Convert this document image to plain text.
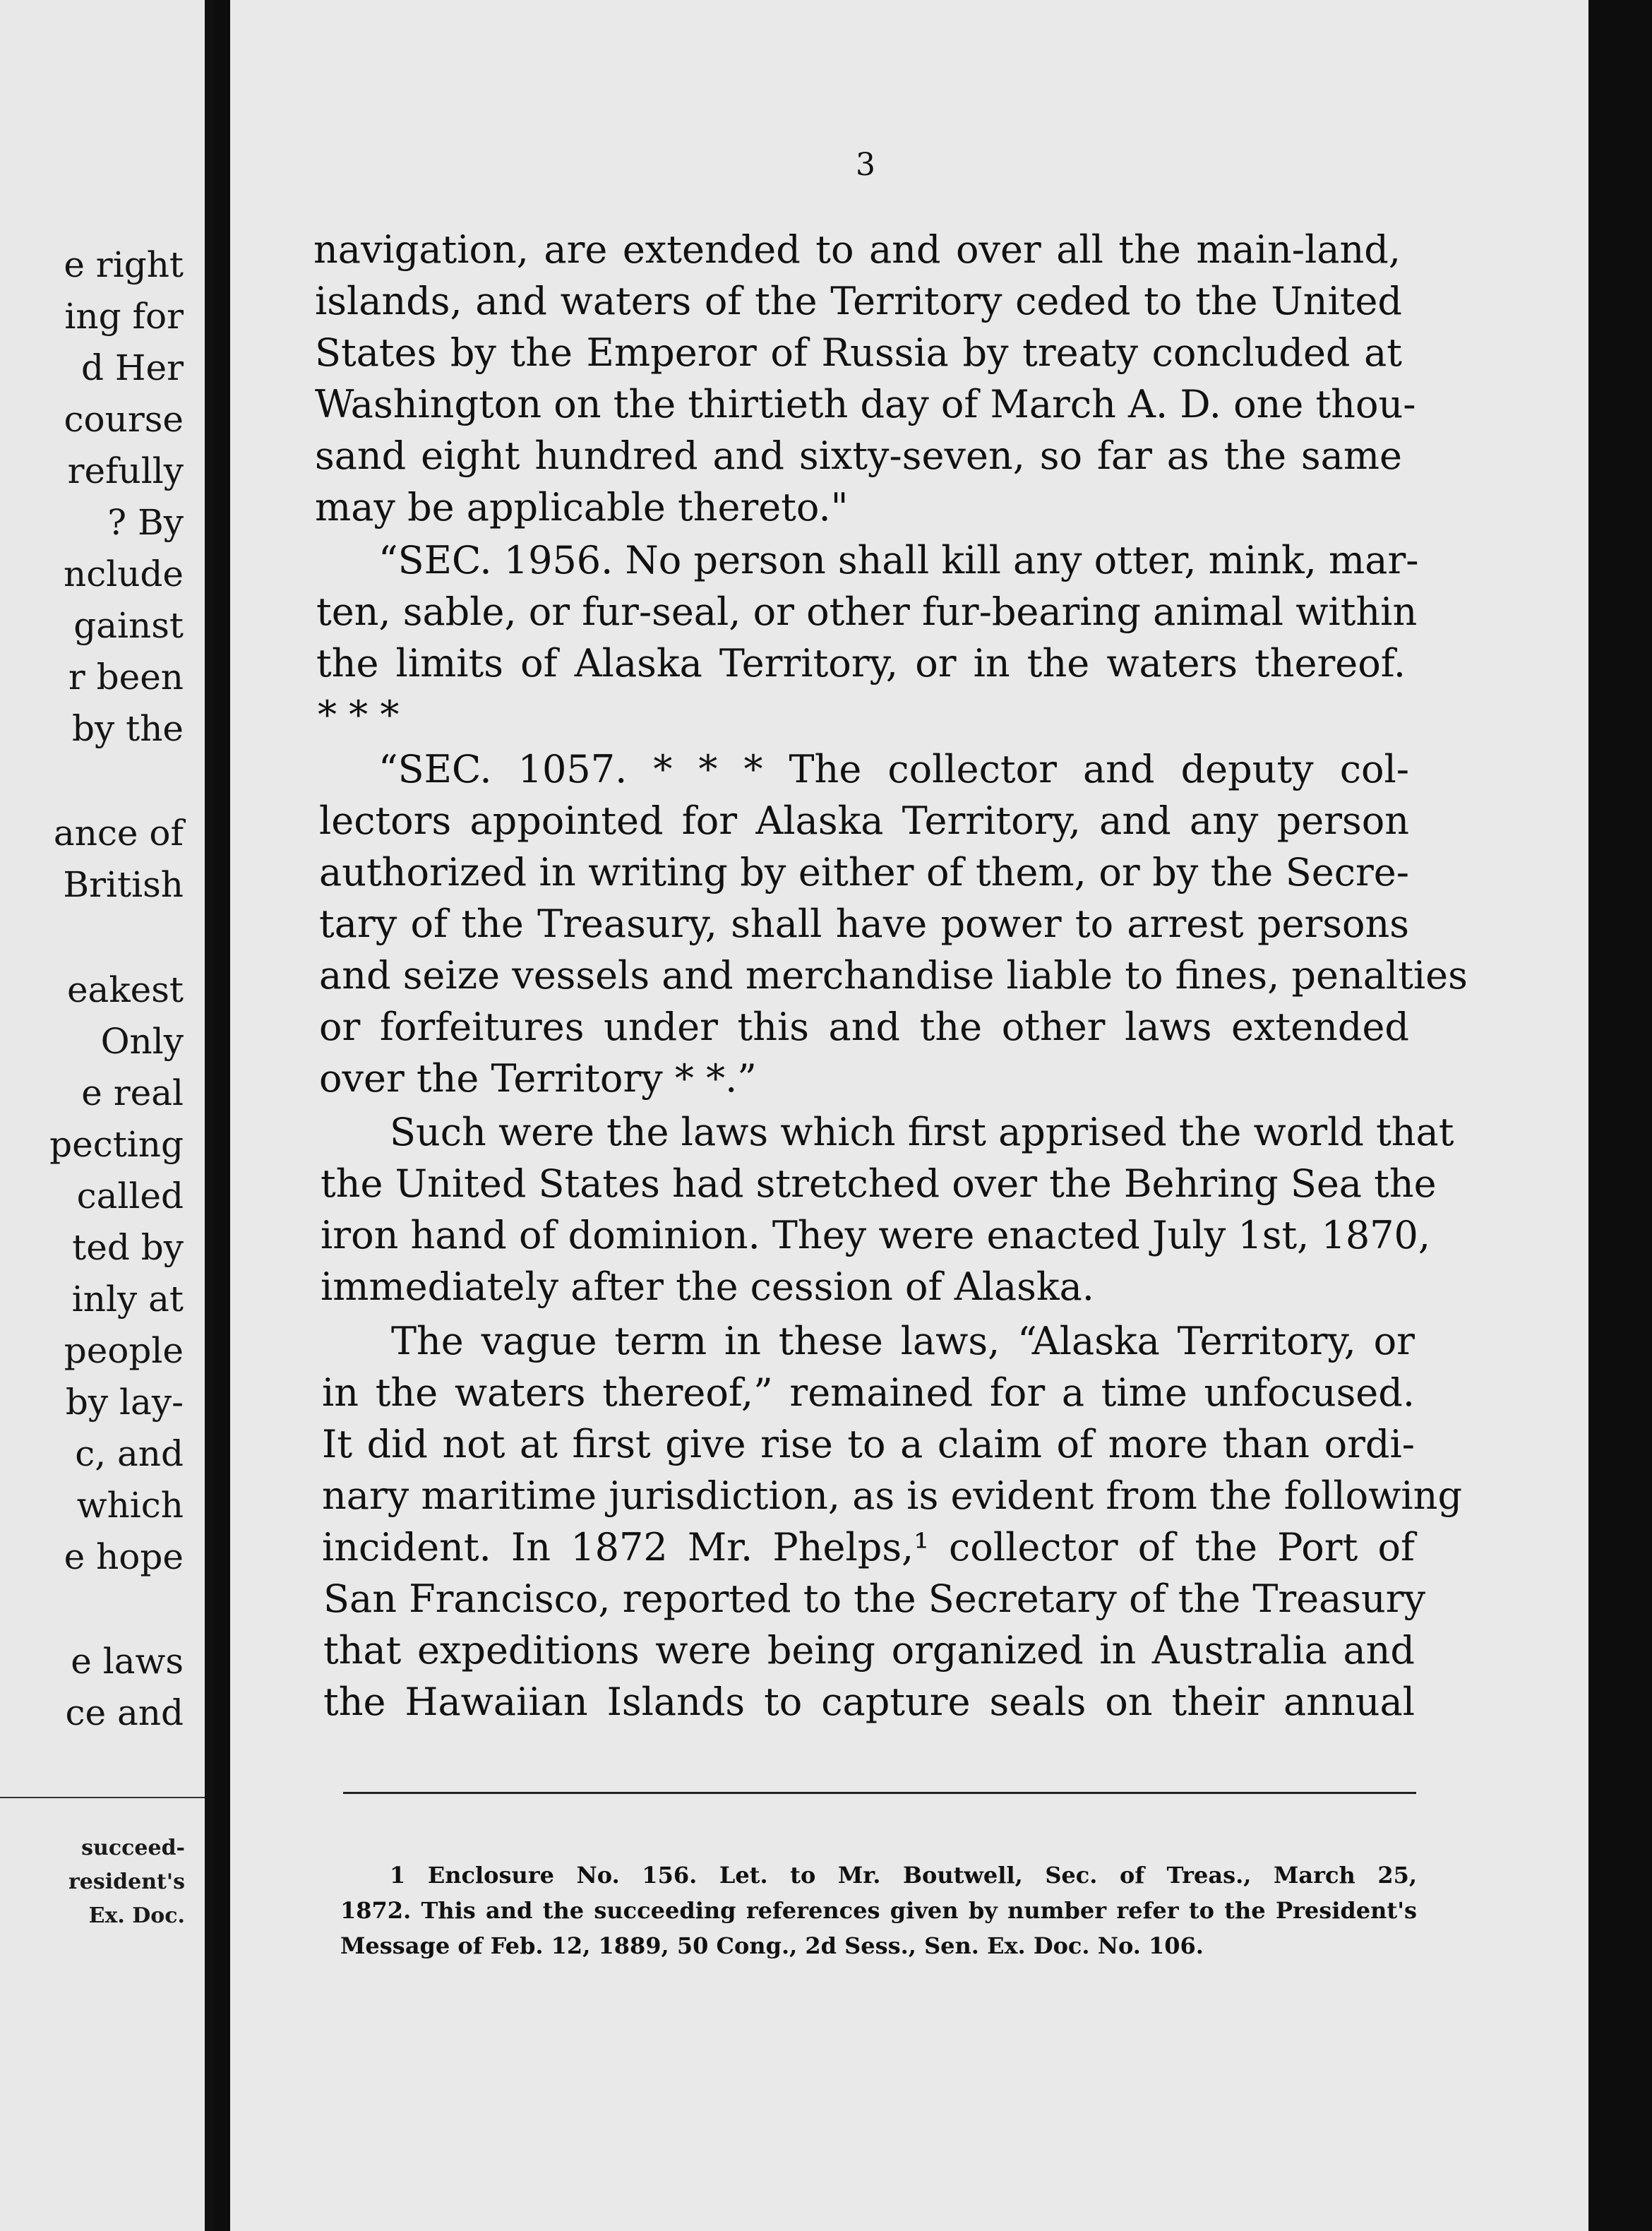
e right
ing for
d Her
course
refully
? By
nclude
gainst
r been
by the
ance of
British
eakest
Only
e real
pecting
called
ted by
inly at
people
by lay-
c, and
which
e hope
e laws
ce and
succeed-
resident's
Ex. Doc.
3
navigation, are extended to and over all the main-land,
islands, and waters of the Territory ceded to the United
States by the Emperor of Russia by treaty concluded at
Washington on the thirtieth day of March A. D. one thou-
sand eight hundred and sixty-seven, so far as the same
may be applicable thereto."
“SEC. 1956. No person shall kill any otter, mink, mar-
ten, sable, or fur-seal, or other fur-bearing animal within
the limits of Alaska Territory, or in the waters thereof.
* * *
“SEC. 1057. * * * The collector and deputy col-
lectors appointed for Alaska Territory, and any person
authorized in writing by either of them, or by the Secre-
tary of the Treasury, shall have power to arrest persons
and seize vessels and merchandise liable to fines, penalties
or forfeitures under this and the other laws extended
over the Territory * *.”
Such were the laws which first apprised the world that
the United States had stretched over the Behring Sea the
iron hand of dominion. They were enacted July 1st, 1870,
immediately after the cession of Alaska.
The vague term in these laws, “Alaska Territory, or
in the waters thereof,” remained for a time unfocused.
It did not at first give rise to a claim of more than ordi-
nary maritime jurisdiction, as is evident from the following
incident. In 1872 Mr. Phelps,¹ collector of the Port of
San Francisco, reported to the Secretary of the Treasury
that expeditions were being organized in Australia and
the Hawaiian Islands to capture seals on their annual
1 Enclosure No. 156. Let. to Mr. Boutwell, Sec. of Treas., March 25,
1872. This and the succeeding references given by number refer to the President's
Message of Feb. 12, 1889, 50 Cong., 2d Sess., Sen. Ex. Doc. No. 106.
